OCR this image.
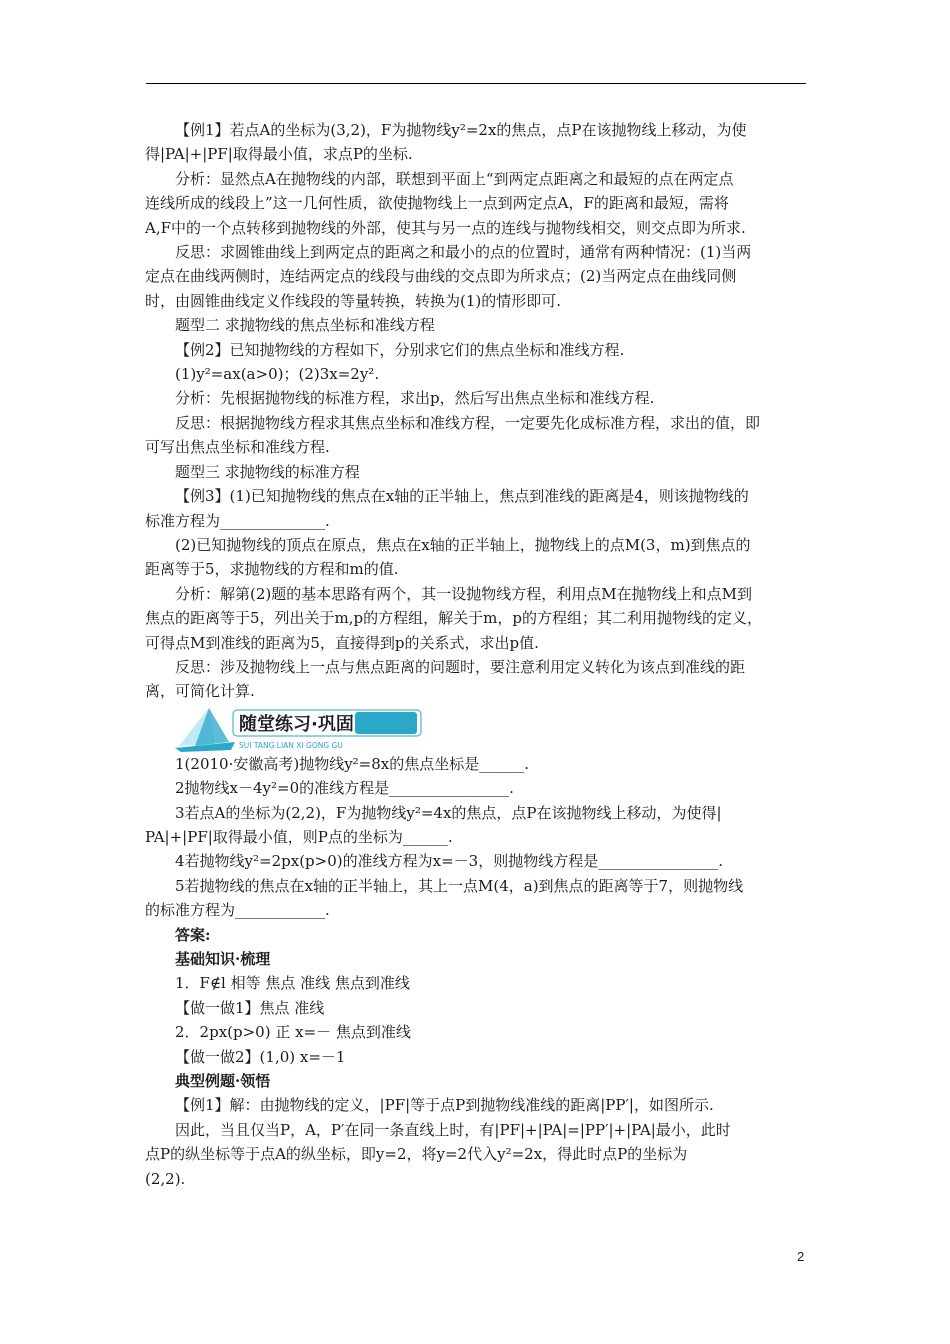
【例1】若点A的坐标为(3,2)，F为抛物线y²=2x的焦点，点P在该抛物线上移动，为使

得|PA|+|PF|取得最小值，求点P的坐标.

分析：显然点A在抛物线的内部，联想到平面上“到两定点距离之和最短的点在两定点

连线所成的线段上”这一几何性质，欲使抛物线上一点到两定点A，F的距离和最短，需将

A,F中的一个点转移到抛物线的外部，使其与另一点的连线与抛物线相交，则交点即为所求.

反思：求圆锥曲线上到两定点的距离之和最小的点的位置时，通常有两种情况：(1)当两

定点在曲线两侧时，连结两定点的线段与曲线的交点即为所求点；(2)当两定点在曲线同侧

时，由圆锥曲线定义作线段的等量转换，转换为(1)的情形即可.

题型二 求抛物线的焦点坐标和准线方程

【例2】已知抛物线的方程如下，分别求它们的焦点坐标和准线方程.

(1)y²=ax(a>0)；(2)3x=2y².

分析：先根据抛物线的标准方程，求出p，然后写出焦点坐标和准线方程.

反思：根据抛物线方程求其焦点坐标和准线方程，一定要先化成标准方程，求出的值，即

可写出焦点坐标和准线方程.

题型三 求抛物线的标准方程

【例3】(1)已知抛物线的焦点在x轴的正半轴上，焦点到准线的距离是4，则该抛物线的

标准方程为______________.

(2)已知抛物线的顶点在原点，焦点在x轴的正半轴上，抛物线上的点M(3，m)到焦点的

距离等于5，求抛物线的方程和m的值.

分析：解第(2)题的基本思路有两个，其一设抛物线方程，利用点M在抛物线上和点M到

焦点的距离等于5，列出关于m,p的方程组，解关于m，p的方程组；其二利用抛物线的定义，

可得点M到准线的距离为5，直接得到p的关系式，求出p值.

反思：涉及抛物线上一点与焦点距离的问题时，要注意利用定义转化为该点到准线的距

离，可简化计算.

随堂练习·巩固
SUI TANG LIAN XI GONG GU

1(2010·安徽高考)抛物线y²=8x的焦点坐标是______.

2抛物线x－4y²=0的准线方程是________________.

3若点A的坐标为(2,2)，F为抛物线y²=4x的焦点，点P在该抛物线上移动，为使得|

PA|+|PF|取得最小值，则P点的坐标为______.

4若抛物线y²=2px(p>0)的准线方程为x=－3，则抛物线方程是________________.

5若抛物线的焦点在x轴的正半轴上，其上一点M(4，a)到焦点的距离等于7，则抛物线

的标准方程为____________.

答案:

基础知识·梳理

1．F∉l 相等 焦点 准线 焦点到准线

【做一做1】焦点 准线

2．2px(p>0) 正 x=－ 焦点到准线

【做一做2】(1,0) x=－1

典型例题·领悟

【例1】解：由抛物线的定义，|PF|等于点P到抛物线准线的距离|PP′|，如图所示.

因此，当且仅当P，A，P′在同一条直线上时，有|PF|+|PA|=|PP′|+|PA|最小，此时

点P的纵坐标等于点A的纵坐标，即y=2，将y=2代入y²=2x，得此时点P的坐标为

(2,2).

2
